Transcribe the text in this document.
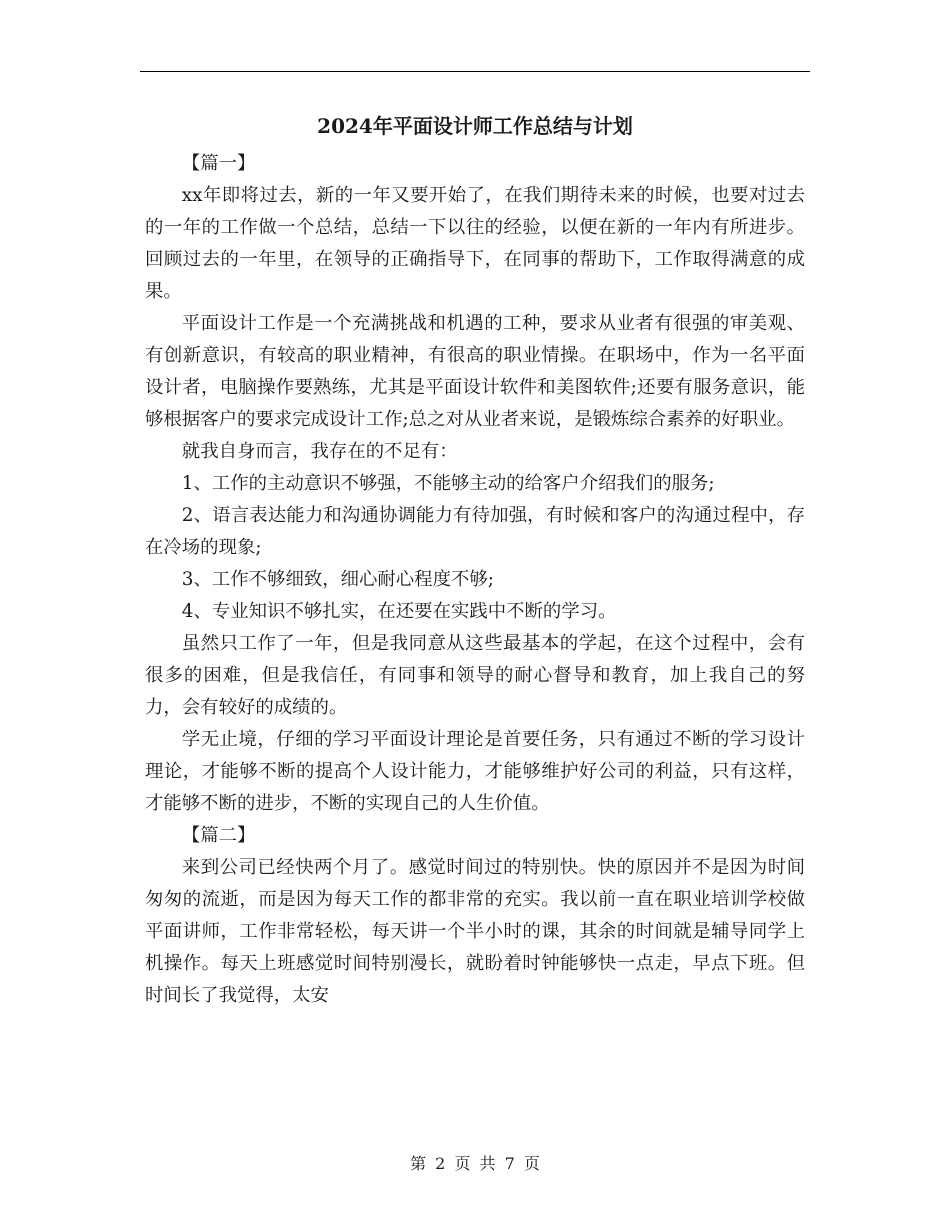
2024年平面设计师工作总结与计划

【篇一】

xx年即将过去，新的一年又要开始了，在我们期待未来的时候，也要对过去的一年的工作做一个总结，总结一下以往的经验，以便在新的一年内有所进步。回顾过去的一年里，在领导的正确指导下，在同事的帮助下，工作取得满意的成果。

平面设计工作是一个充满挑战和机遇的工种，要求从业者有很强的审美观、有创新意识，有较高的职业精神，有很高的职业情操。在职场中，作为一名平面设计者，电脑操作要熟练，尤其是平面设计软件和美图软件;还要有服务意识，能够根据客户的要求完成设计工作;总之对从业者来说，是锻炼综合素养的好职业。

就我自身而言，我存在的不足有：

1、工作的主动意识不够强，不能够主动的给客户介绍我们的服务;

2、语言表达能力和沟通协调能力有待加强，有时候和客户的沟通过程中，存在冷场的现象;

3、工作不够细致，细心耐心程度不够;

4、专业知识不够扎实，在还要在实践中不断的学习。

虽然只工作了一年，但是我同意从这些最基本的学起，在这个过程中，会有很多的困难，但是我信任，有同事和领导的耐心督导和教育，加上我自己的努力，会有较好的成绩的。

学无止境，仔细的学习平面设计理论是首要任务，只有通过不断的学习设计理论，才能够不断的提高个人设计能力，才能够维护好公司的利益，只有这样，才能够不断的进步，不断的实现自己的人生价值。

【篇二】

来到公司已经快两个月了。感觉时间过的特别快。快的原因并不是因为时间匆匆的流逝，而是因为每天工作的都非常的充实。我以前一直在职业培训学校做平面讲师，工作非常轻松，每天讲一个半小时的课，其余的时间就是辅导同学上机操作。每天上班感觉时间特别漫长，就盼着时钟能够快一点走，早点下班。但时间长了我觉得，太安

第 2 页 共 7 页
